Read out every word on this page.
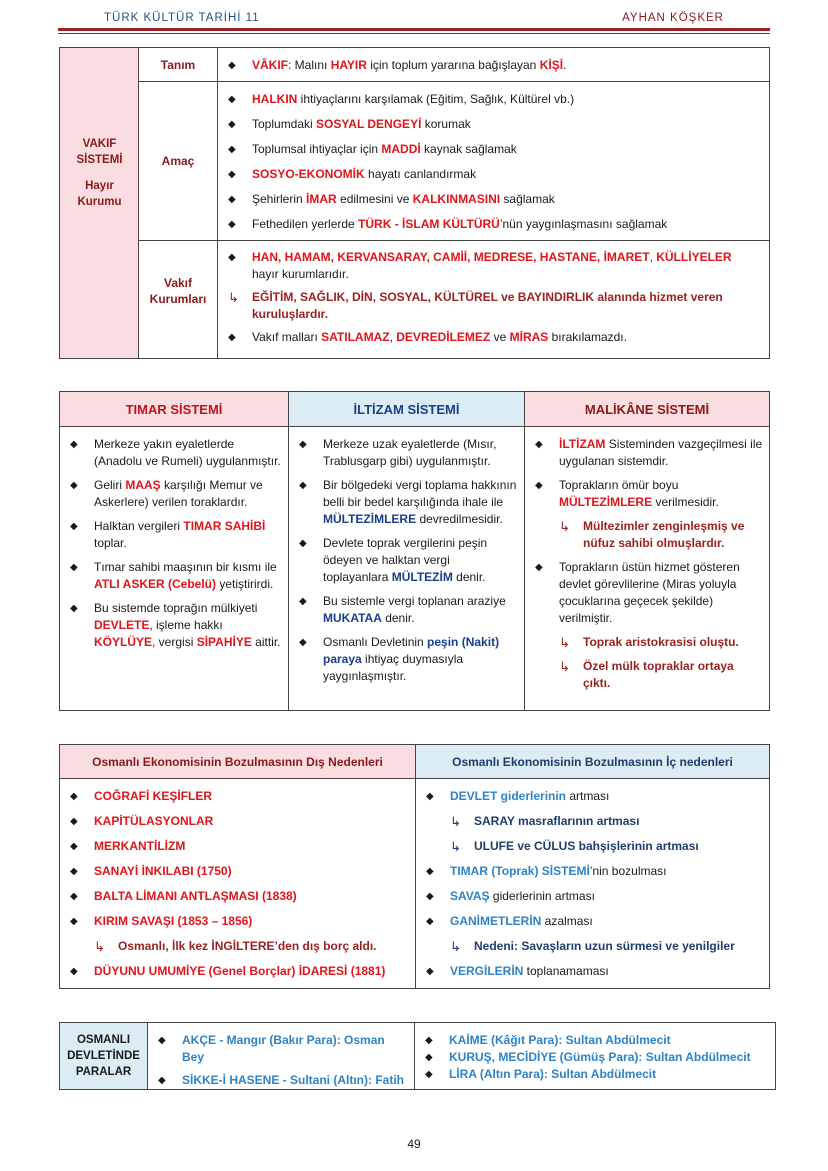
TÜRK KÜLTÜR TARİHİ 11	AYHAN KÖŞKER
VAKIF
SİSTEMİ
Hayır
Kurumu
Tanım	◆ VÂKIF: Malını HAYIR için toplum yararına bağışlayan KİŞİ.
Amaç
◆ HALKIN ihtiyaçlarını karşılamak (Eğitim, Sağlık, Kültürel vb.)
◆ Toplumdaki SOSYAL DENGEYİ korumak
◆ Toplumsal ihtiyaçlar için MADDİ kaynak sağlamak
◆ SOSYO-EKONOMİK hayatı canlandırmak
◆ Şehirlerin İMAR edilmesini ve KALKINMASINI sağlamak
◆ Fethedilen yerlerde TÜRK - İSLAM KÜLTÜRÜ’nün yaygınlaşmasını sağlamak
Vakıf
Kurumları
◆ HAN, HAMAM, KERVANSARAY, CAMİİ, MEDRESE, HASTANE, İMARET, KÜLLİYELER hayır kurumlarıdır.
↳ EĞİTİM, SAĞLIK, DİN, SOSYAL, KÜLTÜREL ve BAYINDIRLIK alanında hizmet veren kuruluşlardır.
◆ Vakıf malları SATILAMAZ, DEVREDİLEMEZ ve MİRAS bırakılamazdı.
TIMAR SİSTEMİ
◆ Merkeze yakın eyaletlerde (Anadolu ve Rumeli) uygulanmıştır.
◆ Geliri MAAŞ karşılığı Memur ve Askerlere) verilen toraklardır.
◆ Halktan vergileri TIMAR SAHİBİ toplar.
◆ Tımar sahibi maaşının bir kısmı ile ATLI ASKER (Cebelü) yetiştirirdi.
◆ Bu sistemde toprağın mülkiyeti DEVLETE, işleme hakkı KÖYLÜYE, vergisi SİPAHİYE aittir.
İLTİZAM SİSTEMİ
◆ Merkeze uzak eyaletlerde (Mısır, Trablusgarp gibi) uygulanmıştır.
◆ Bir bölgedeki vergi toplama hakkının belli bir bedel karşılığında ihale ile MÜLTEZİMLERE devredilmesidir.
◆ Devlete toprak vergilerini peşin ödeyen ve halktan vergi toplayanlara MÜLTEZİM denir.
◆ Bu sistemle vergi toplanan araziye MUKATAA denir.
◆ Osmanlı Devletinin peşin (Nakit) paraya ihtiyaç duymasıyla yaygınlaşmıştır.
MALİKÂNE SİSTEMİ
◆ İLTİZAM Sisteminden vazgeçilmesi ile uygulanan sistemdir.
◆ Toprakların ömür boyu MÜLTEZİMLERE verilmesidir.
↳ Mültezimler zenginleşmiş ve nüfuz sahibi olmuşlardır.
◆ Toprakların üstün hizmet gösteren devlet görevlilerine (Miras yoluyla çocuklarına geçecek şekilde) verilmiştir.
↳ Toprak aristokrasisi oluştu.
↳ Özel mülk topraklar ortaya çıktı.
Osmanlı Ekonomisinin Bozulmasının Dış Nedenleri
◆ COĞRAFİ KEŞİFLER
◆ KAPİTÜLASYONLAR
◆ MERKANTİLİZM
◆ SANAYİ İNKILABI (1750)
◆ BALTA LİMANI ANTLAŞMASI (1838)
◆ KIRIM SAVAŞI (1853 – 1856)
↳ Osmanlı, İlk kez İNGİLTERE’den dış borç aldı.
◆ DÜYUNU UMUMİYE (Genel Borçlar) İDARESİ (1881)
Osmanlı Ekonomisinin Bozulmasının İç nedenleri
◆ DEVLET giderlerinin artması
↳ SARAY masraflarının artması
↳ ULUFE ve CÜLUS bahşişlerinin artması
◆ TIMAR (Toprak) SİSTEMİ’nin bozulması
◆ SAVAŞ giderlerinin artması
◆ GANİMETLERİN azalması
↳ Nedeni: Savaşların uzun sürmesi ve yenilgiler
◆ VERGİLERİN toplanamaması
OSMANLI
DEVLETİNDE
PARALAR
◆ AKÇE - Mangır (Bakır Para): Osman Bey
◆ SİKKE-İ HASENE - Sultani (Altın): Fatih
◆ KAİME (Kâğıt Para): Sultan Abdülmecit
◆ KURUŞ, MECİDİYE (Gümüş Para): Sultan Abdülmecit
◆ LİRA (Altın Para): Sultan Abdülmecit
49
